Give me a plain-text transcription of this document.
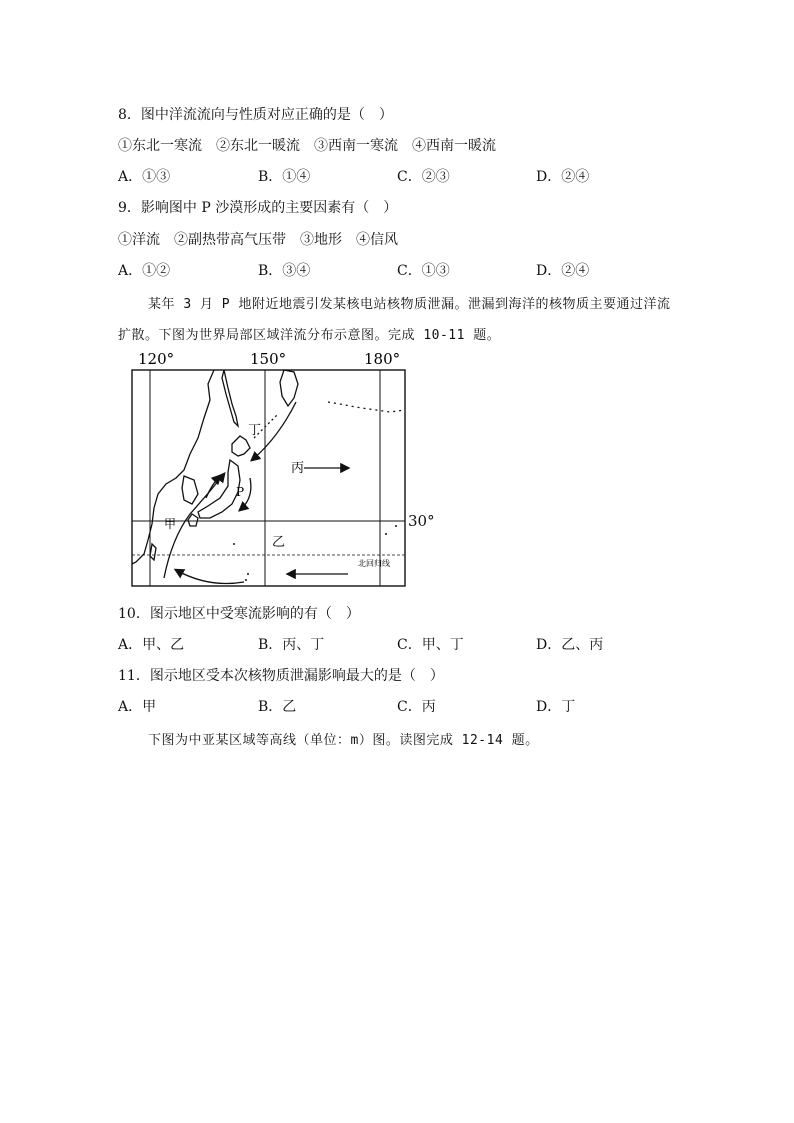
8．图中洋流流向与性质对应正确的是（　）
①东北一寒流　②东北一暖流　③西南一寒流　④西南一暖流
A．①③	B．①④	C．②③	D．②④
9．影响图中 P 沙漠形成的主要因素有（　）
①洋流　②副热带高气压带　③地形　④信风
A．①②	B．③④	C．①③	D．②④
某年 3 月 P 地附近地震引发某核电站核物质泄漏。泄漏到海洋的核物质主要通过洋流
扩散。下图为世界局部区域洋流分布示意图。完成 10-11 题。
120°	150°	180°
丁
丙
P
甲
乙
北回归线
30°
10．图示地区中受寒流影响的有（　）
A．甲、乙	B．丙、丁	C．甲、丁	D．乙、丙
11．图示地区受本次核物质泄漏影响最大的是（　）
A．甲	B．乙	C．丙	D．丁
下图为中亚某区域等高线（单位：m）图。读图完成 12-14 题。
